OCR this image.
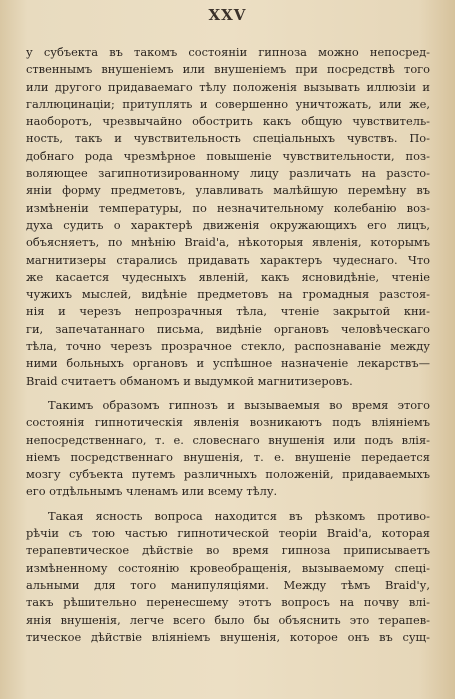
XXV
у субъекта въ такомъ состоянiи гипноза можно непосред-
ственнымъ внушенiемъ или внушенiемъ при посредствѣ того
или другого придаваемаго тѣлу положенiя вызывать иллюзiи и
галлюцинацiи; притуплять и совершенно уничтожать, или же,
наоборотъ, чрезвычайно обострить какъ общую чувствитель-
ность, такъ и чувствительность спецiальныхъ чувствъ. По-
добнаго рода чрезмѣрное повышенiе чувствительности, поз-
воляющее загипнотизированному лицу различать на разсто-
янiи форму предметовъ, улавливать малѣйшую перемѣну въ
измѣненiи температуры, по незначительному колебанiю воз-
духа судить о характерѣ движенiя окружающихъ его лицъ,
объясняетъ, по мнѣнiю Braid'а, нѣкоторыя явленiя, которымъ
магнитизеры старались придавать характеръ чудеснаго. Что
же касается чудесныхъ явленiй, какъ ясновидѣнiе, чтенiе
чужихъ мыслей, видѣнiе предметовъ на громадныя разстоя-
нiя и черезъ непрозрачныя тѣла, чтенiе закрытой кни-
ги, запечатаннаго письма, видѣнiе органовъ человѣческаго
тѣла, точно черезъ прозрачное стекло, распознаванiе между
ними больныхъ органовъ и успѣшное назначенiе лекарствъ—
Braid считаетъ обманомъ и выдумкой магнитизеровъ.
Такимъ образомъ гипнозъ и вызываемыя во время этого
состоянiя гипнотическiя явленiя возникаютъ подъ влiянiемъ
непосредственнаго, т. е. словеснаго внушенiя или подъ влiя-
нiемъ посредственнаго внушенiя, т. е. внушенiе передается
мозгу субъекта путемъ различныхъ положенiй, придаваемыхъ
его отдѣльнымъ членамъ или всему тѣлу.
Такая ясность вопроса находится въ рѣзкомъ противо-
рѣчiи съ тою частью гипнотической теорiи Braid'а, которая
терапевтическое дѣйствiе во время гипноза приписываетъ
измѣненному состоянiю кровеобращенiя, вызываемому спецi-
альными для того манипуляцiями. Между тѣмъ Braid'у,
такъ рѣшительно перенесшему этотъ вопросъ на почву влi-
янiя внушенiя, легче всего было бы объяснить это терапев-
тическое дѣйствiе влiянiемъ внушенiя, которое онъ въ сущ-
